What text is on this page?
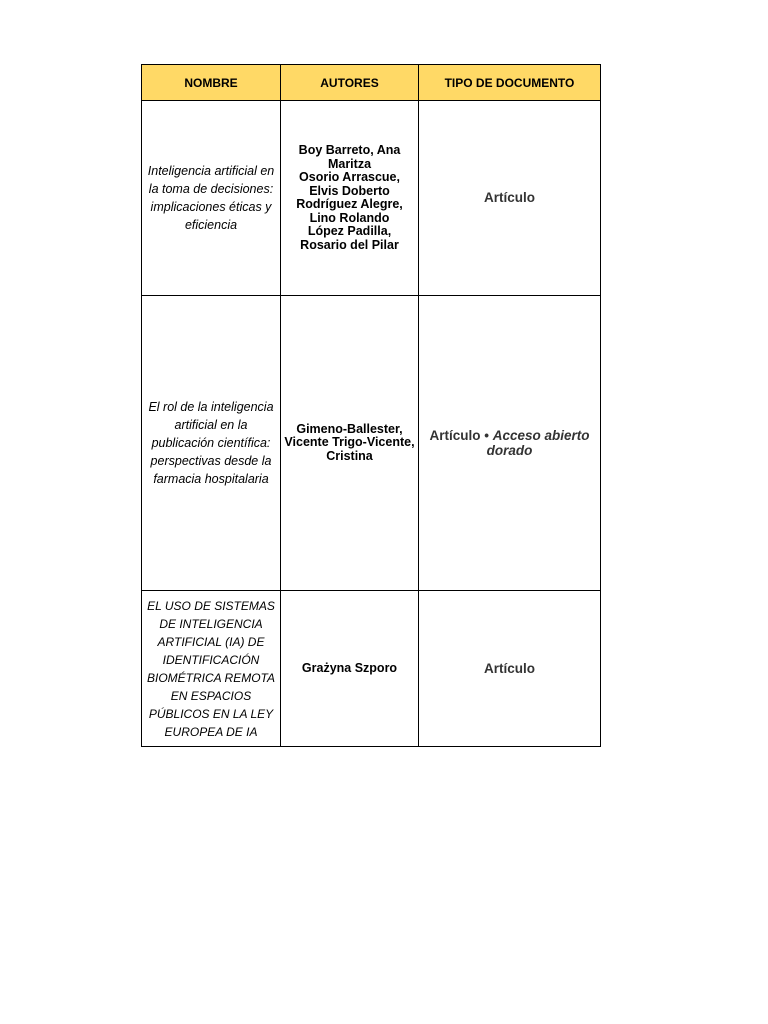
NOMBRE	AUTORES	TIPO DE DOCUMENTO
Inteligencia artificial en la toma de decisiones: implicaciones éticas y eficiencia	Boy Barreto, Ana Maritza
Osorio Arrascue, Elvis Doberto
Rodríguez Alegre, Lino Rolando
López Padilla, Rosario del Pilar	Artículo
El rol de la inteligencia artificial en la publicación científica: perspectivas desde la farmacia hospitalaria	Gimeno-Ballester, Vicente Trigo-Vicente, Cristina	Artículo • Acceso abierto dorado

EL USO DE SISTEMAS DE INTELIGENCIA ARTIFICIAL (IA) DE IDENTIFICACIÓN BIOMÉTRICA REMOTA EN ESPACIOS PÚBLICOS EN LA LEY EUROPEA DE IA	Grażyna Szporo	Artículo
